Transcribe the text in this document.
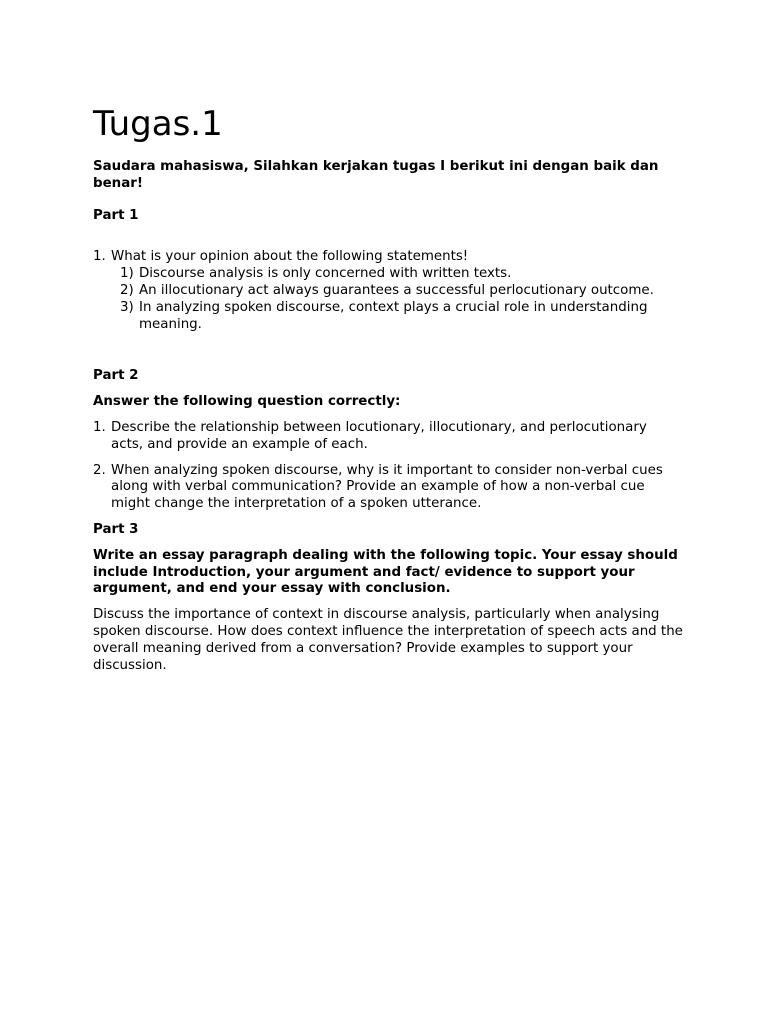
Tugas.1

Saudara mahasiswa, Silahkan kerjakan tugas I berikut ini dengan baik dan benar!

Part 1

1. What is your opinion about the following statements!
1) Discourse analysis is only concerned with written texts.
2) An illocutionary act always guarantees a successful perlocutionary outcome.
3) In analyzing spoken discourse, context plays a crucial role in understanding meaning.

Part 2

Answer the following question correctly:

1. Describe the relationship between locutionary, illocutionary, and perlocutionary acts, and provide an example of each.
2. When analyzing spoken discourse, why is it important to consider non-verbal cues along with verbal communication? Provide an example of how a non-verbal cue might change the interpretation of a spoken utterance.

Part 3

Write an essay paragraph dealing with the following topic. Your essay should include Introduction, your argument and fact/ evidence to support your argument, and end your essay with conclusion.

Discuss the importance of context in discourse analysis, particularly when analysing spoken discourse. How does context influence the interpretation of speech acts and the overall meaning derived from a conversation? Provide examples to support your discussion.
